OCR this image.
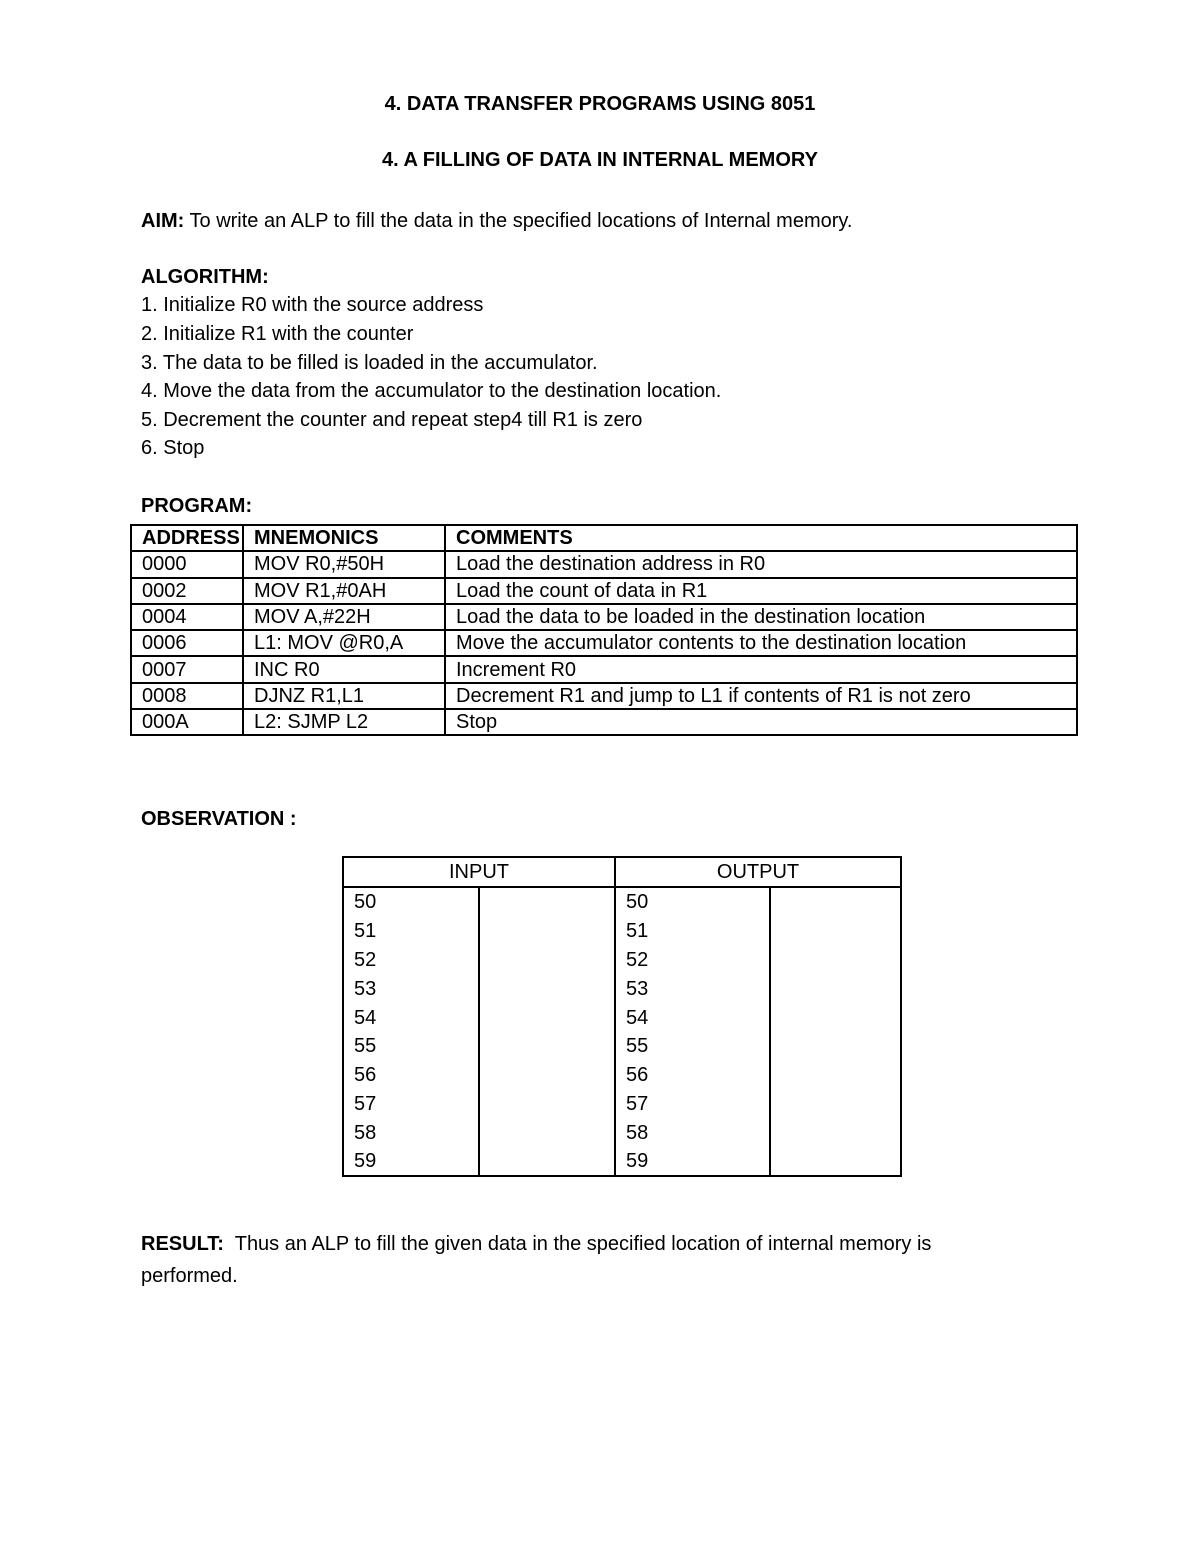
4. DATA TRANSFER PROGRAMS USING 8051
4. A FILLING OF DATA IN INTERNAL MEMORY
AIM: To write an ALP to fill the data in the specified locations of Internal memory.
ALGORITHM:
1. Initialize R0 with the source address
2. Initialize R1 with the counter
3. The data to be filled is loaded in the accumulator.
4. Move the data from the accumulator to the destination location.
5. Decrement the counter and repeat step4 till R1 is zero
6. Stop
PROGRAM:
ADDRESS	MNEMONICS	COMMENTS
0000	MOV R0,#50H	Load the destination address in R0
0002	MOV R1,#0AH	Load the count of data in R1
0004	MOV A,#22H	Load the data to be loaded in the destination location
0006	L1: MOV @R0,A	Move the accumulator contents to the destination location
0007	INC R0	Increment R0
0008	DJNZ R1,L1	Decrement R1 and jump to L1 if contents of R1 is not zero
000A	L2: SJMP L2	Stop
OBSERVATION :
INPUT		OUTPUT	
50		50	
51		51	
52		52	
53		53	
54		54	
55		55	
56		56	
57		57	
58		58	
59		59	
RESULT:  Thus an ALP to fill the given data in the specified location of internal memory is
performed.
